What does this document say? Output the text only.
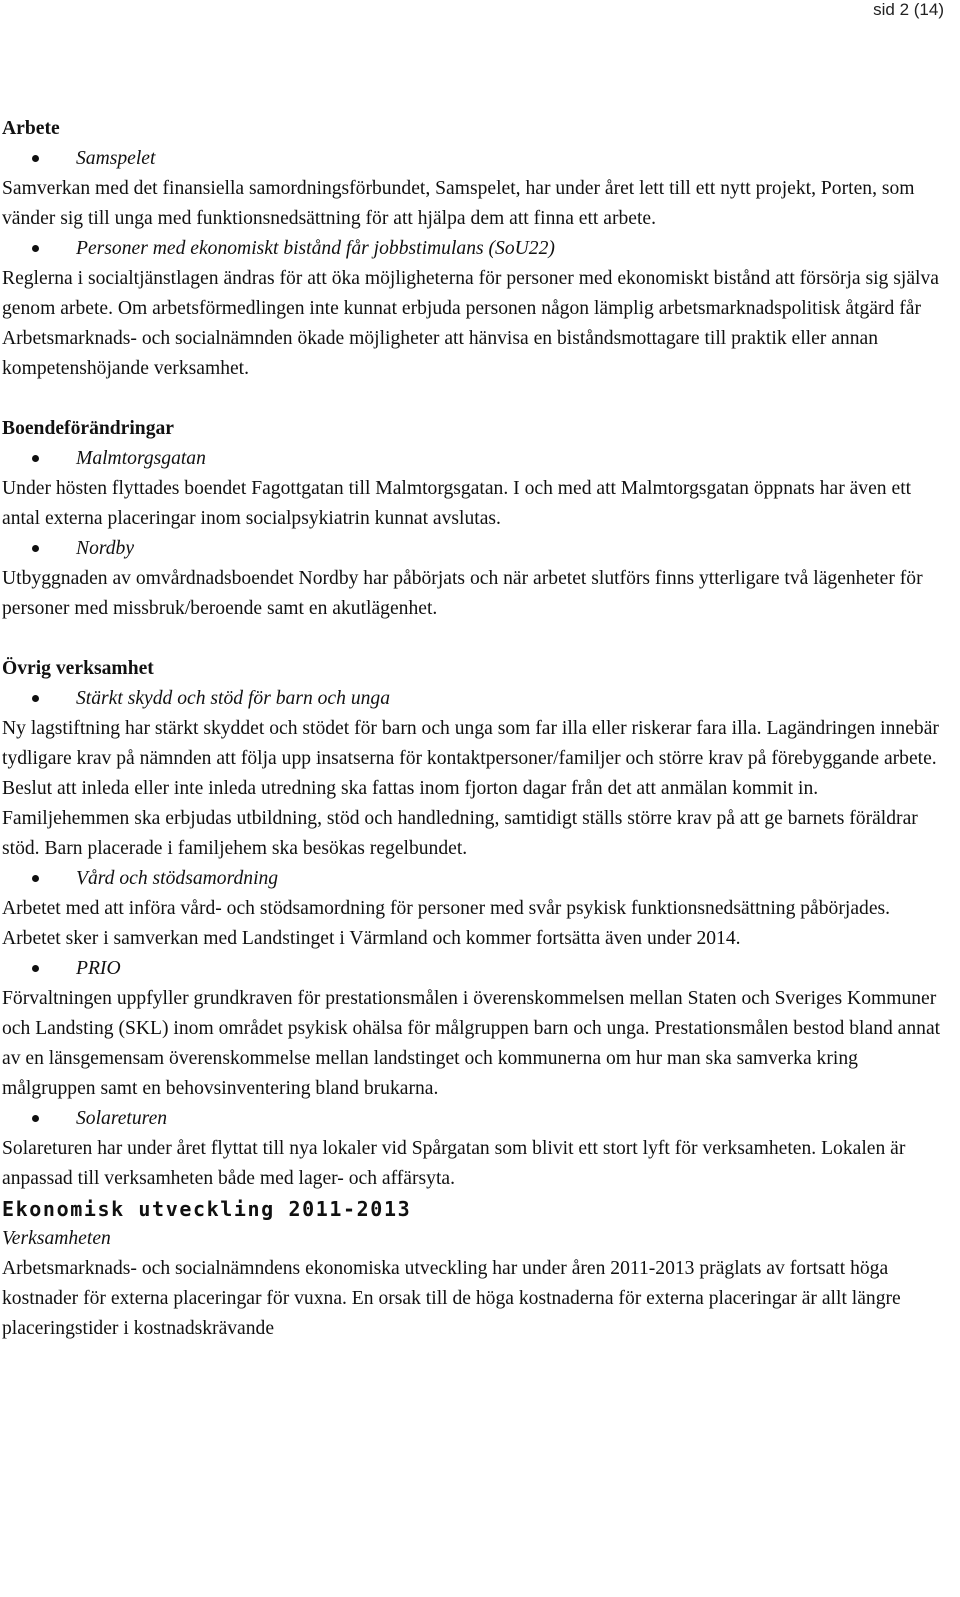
sid 2 (14)
Arbete
Samspelet

Samverkan med det finansiella samordningsförbundet, Samspelet, har under året lett till ett nytt projekt, Porten, som vänder sig till unga med funktionsnedsättning för att hjälpa dem att finna ett arbete.

Personer med ekonomiskt bistånd får jobbstimulans (SoU22)

Reglerna i socialtjänstlagen ändras för att öka möjligheterna för personer med ekonomiskt bistånd att försörja sig själva genom arbete. Om arbetsförmedlingen inte kunnat erbjuda personen någon lämplig arbetsmarknadspolitisk åtgärd får Arbetsmarknads- och socialnämnden ökade möjligheter att hänvisa en biståndsmottagare till praktik eller annan kompetenshöjande verksamhet.

Boendeförändringar
Malmtorgsgatan

Under hösten flyttades boendet Fagottgatan till Malmtorgsgatan. I och med att Malmtorgsgatan öppnats har även ett antal externa placeringar inom socialpsykiatrin kunnat avslutas.

Nordby

Utbyggnaden av omvårdnadsboendet Nordby har påbörjats och när arbetet slutförs finns ytterligare två lägenheter för personer med missbruk/beroende samt en akutlägenhet.

Övrig verksamhet
Stärkt skydd och stöd för barn och unga

Ny lagstiftning har stärkt skyddet och stödet för barn och unga som far illa eller riskerar fara illa. Lagändringen innebär tydligare krav på nämnden att följa upp insatserna för kontaktpersoner/familjer och större krav på förebyggande arbete. Beslut att inleda eller inte inleda utredning ska fattas inom fjorton dagar från det att anmälan kommit in. Familjehemmen ska erbjudas utbildning, stöd och handledning, samtidigt ställs större krav på att ge barnets föräldrar stöd. Barn placerade i familjehem ska besökas regelbundet.

Vård och stödsamordning

Arbetet med att införa vård- och stödsamordning för personer med svår psykisk funktionsnedsättning påbörjades. Arbetet sker i samverkan med Landstinget i Värmland och kommer fortsätta även under 2014.

PRIO

Förvaltningen uppfyller grundkraven för prestationsmålen i överenskommelsen mellan Staten och Sveriges Kommuner och Landsting (SKL) inom området psykisk ohälsa för målgruppen barn och unga. Prestationsmålen bestod bland annat av en länsgemensam överenskommelse mellan landstinget och kommunerna om hur man ska samverka kring målgruppen samt en behovsinventering bland brukarna.

Solareturen

Solareturen har under året flyttat till nya lokaler vid Spårgatan som blivit ett stort lyft för verksamheten. Lokalen är anpassad till verksamheten både med lager- och affärsyta.

Ekonomisk utveckling 2011-2013

Verksamheten

Arbetsmarknads- och socialnämndens ekonomiska utveckling har under åren 2011-2013 präglats av fortsatt höga kostnader för externa placeringar för vuxna. En orsak till de höga kostnaderna för externa placeringar är allt längre placeringstider i kostnadskrävande
